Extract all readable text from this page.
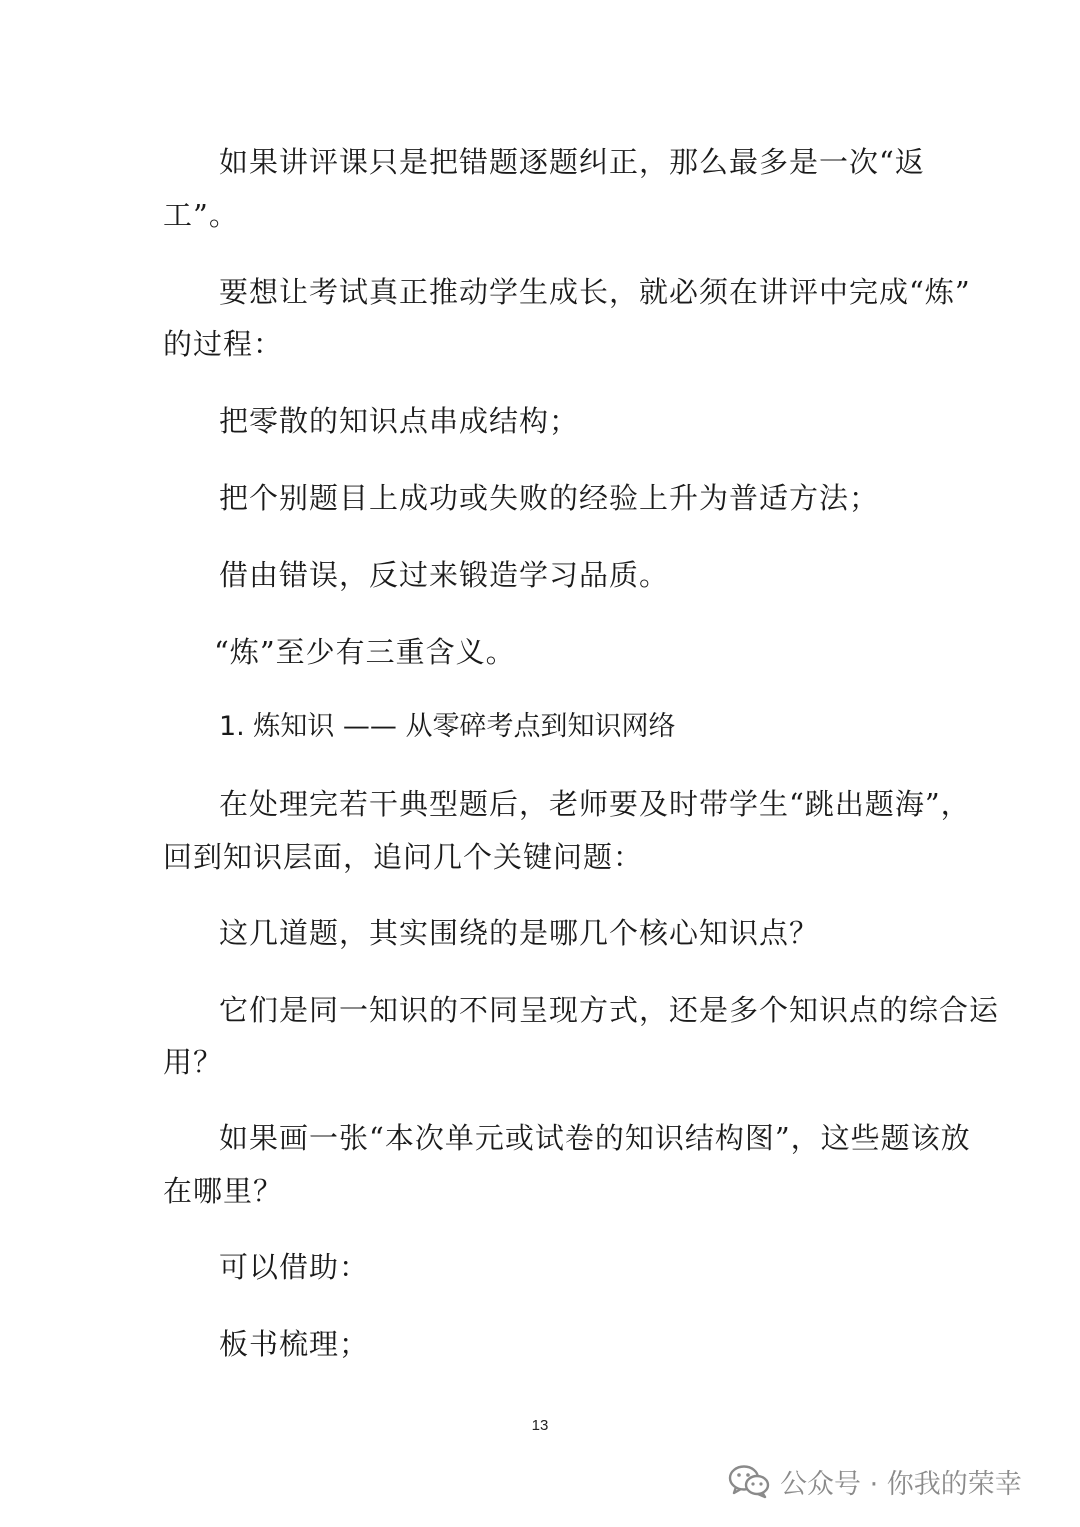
如果讲评课只是把错题逐题纠正，那么最多是一次“返
工”。
要想让考试真正推动学生成长，就必须在讲评中完成“炼”
的过程：
把零散的知识点串成结构；
把个别题目上成功或失败的经验上升为普适方法；
借由错误，反过来锻造学习品质。
“炼”至少有三重含义。
1. 炼知识 —— 从零碎考点到知识网络
在处理完若干典型题后，老师要及时带学生“跳出题海”，
回到知识层面，追问几个关键问题：
这几道题，其实围绕的是哪几个核心知识点？
它们是同一知识的不同呈现方式，还是多个知识点的综合运
用？
如果画一张“本次单元或试卷的知识结构图”，这些题该放
在哪里？
可以借助：
板书梳理；
13
公众号 · 你我的荣幸
